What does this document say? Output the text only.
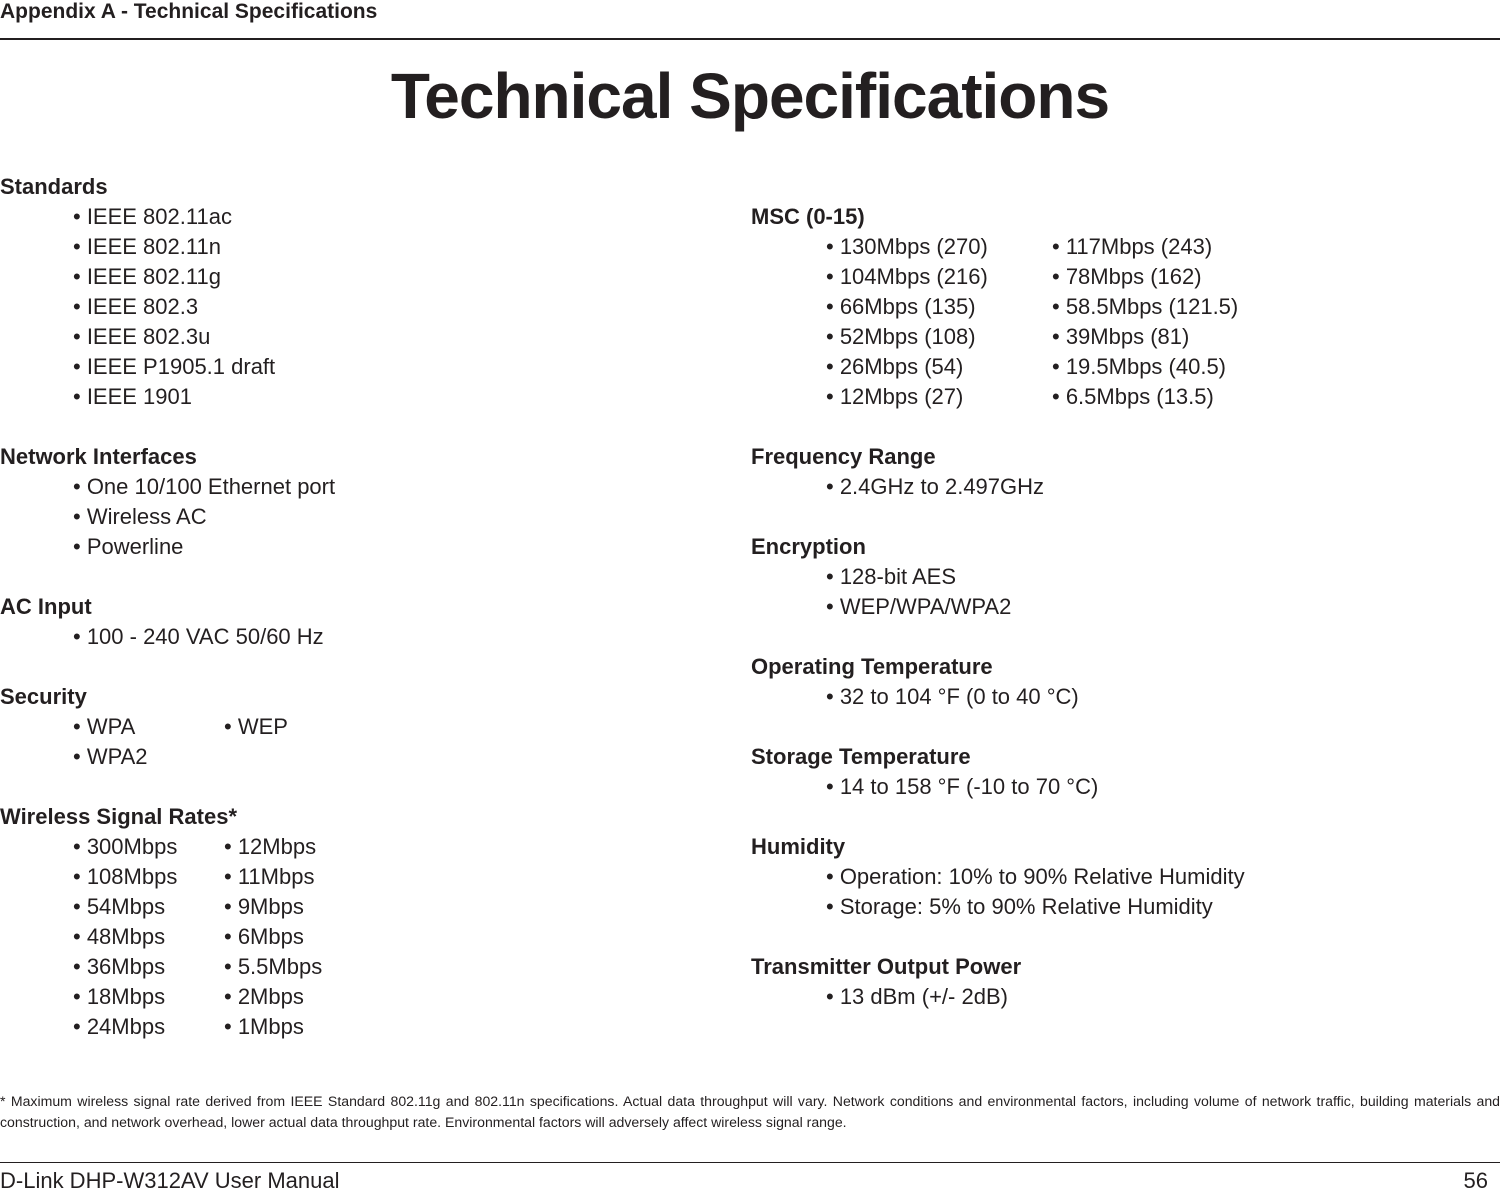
Appendix A - Technical Specifications
Technical Specifications
Standards
• IEEE 802.11ac
• IEEE 802.11n
• IEEE 802.11g
• IEEE 802.3
• IEEE 802.3u
• IEEE P1905.1 draft
• IEEE 1901
Network Interfaces
• One 10/100 Ethernet port
• Wireless AC
• Powerline
AC Input
• 100 - 240 VAC 50/60 Hz
Security
• WPA	• WEP
• WPA2
Wireless Signal Rates*
• 300Mbps	• 12Mbps
• 108Mbps	• 11Mbps
• 54Mbps	• 9Mbps
• 48Mbps	• 6Mbps
• 36Mbps	• 5.5Mbps
• 18Mbps	• 2Mbps
• 24Mbps	• 1Mbps
MSC (0-15)
• 130Mbps (270)	• 117Mbps (243)
• 104Mbps (216)	• 78Mbps (162)
• 66Mbps (135)	• 58.5Mbps (121.5)
• 52Mbps (108)	• 39Mbps (81)
• 26Mbps (54)	• 19.5Mbps (40.5)
• 12Mbps (27)	• 6.5Mbps (13.5)
Frequency Range
• 2.4GHz to 2.497GHz
Encryption
• 128-bit AES
• WEP/WPA/WPA2
Operating Temperature
• 32 to 104 °F (0 to 40 °C)
Storage Temperature
• 14 to 158 °F (-10 to 70 °C)
Humidity
• Operation: 10% to 90% Relative Humidity
• Storage: 5% to 90% Relative Humidity
Transmitter Output Power
• 13 dBm (+/- 2dB)
* Maximum wireless signal rate derived from IEEE Standard 802.11g and 802.11n specifications. Actual data throughput will vary. Network conditions and environmental factors, including volume of network traffic, building materials and construction, and network overhead, lower actual data throughput rate. Environmental factors will adversely affect wireless signal range.
D-Link DHP-W312AV User Manual	56
